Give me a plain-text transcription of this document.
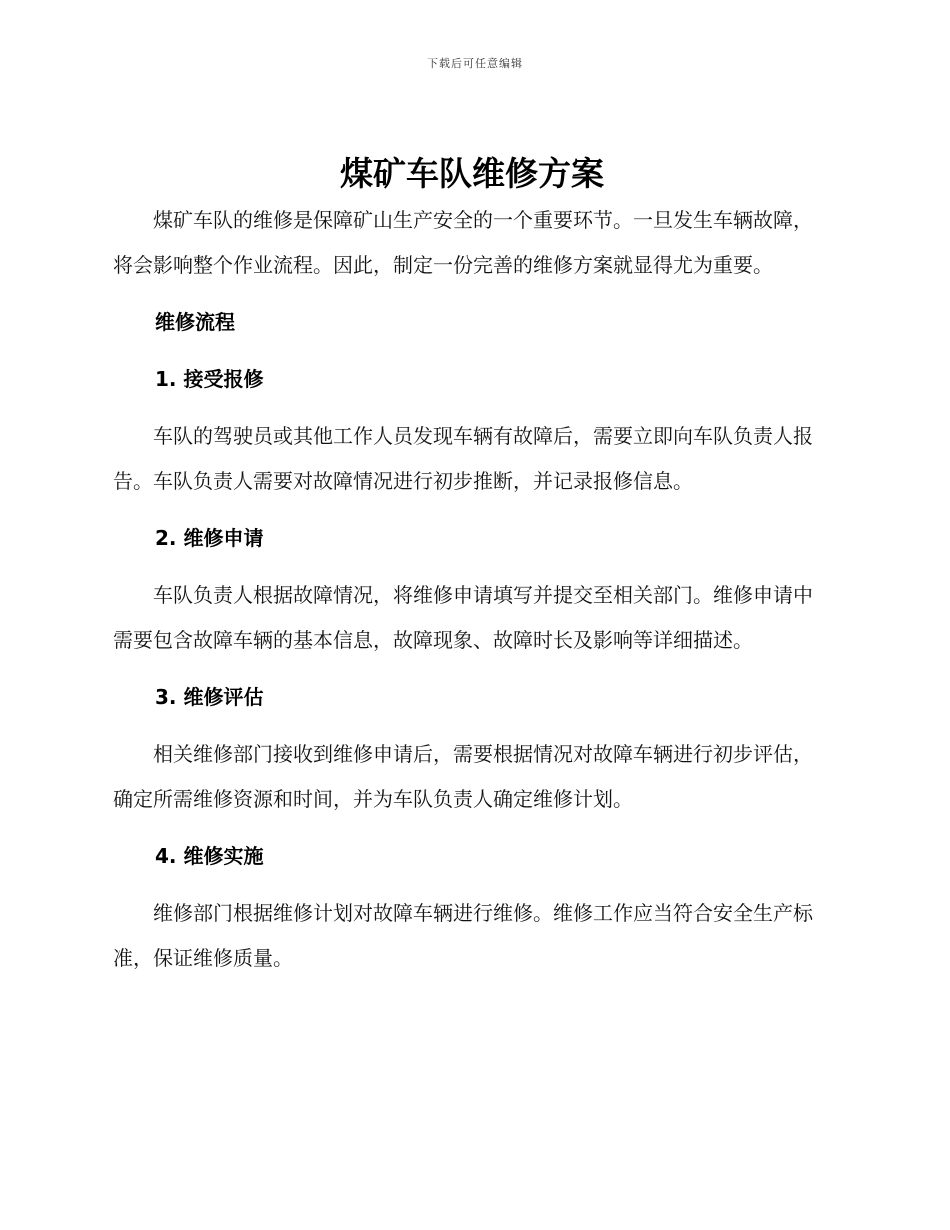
下载后可任意编辑
煤矿车队维修方案

煤矿车队的维修是保障矿山生产安全的一个重要环节。一旦发生车辆故障，将会影响整个作业流程。因此，制定一份完善的维修方案就显得尤为重要。

维修流程

1. 接受报修

车队的驾驶员或其他工作人员发现车辆有故障后，需要立即向车队负责人报告。车队负责人需要对故障情况进行初步推断，并记录报修信息。

2. 维修申请

车队负责人根据故障情况，将维修申请填写并提交至相关部门。维修申请中需要包含故障车辆的基本信息，故障现象、故障时长及影响等详细描述。

3. 维修评估

相关维修部门接收到维修申请后，需要根据情况对故障车辆进行初步评估，确定所需维修资源和时间，并为车队负责人确定维修计划。

4. 维修实施

维修部门根据维修计划对故障车辆进行维修。维修工作应当符合安全生产标准，保证维修质量。
